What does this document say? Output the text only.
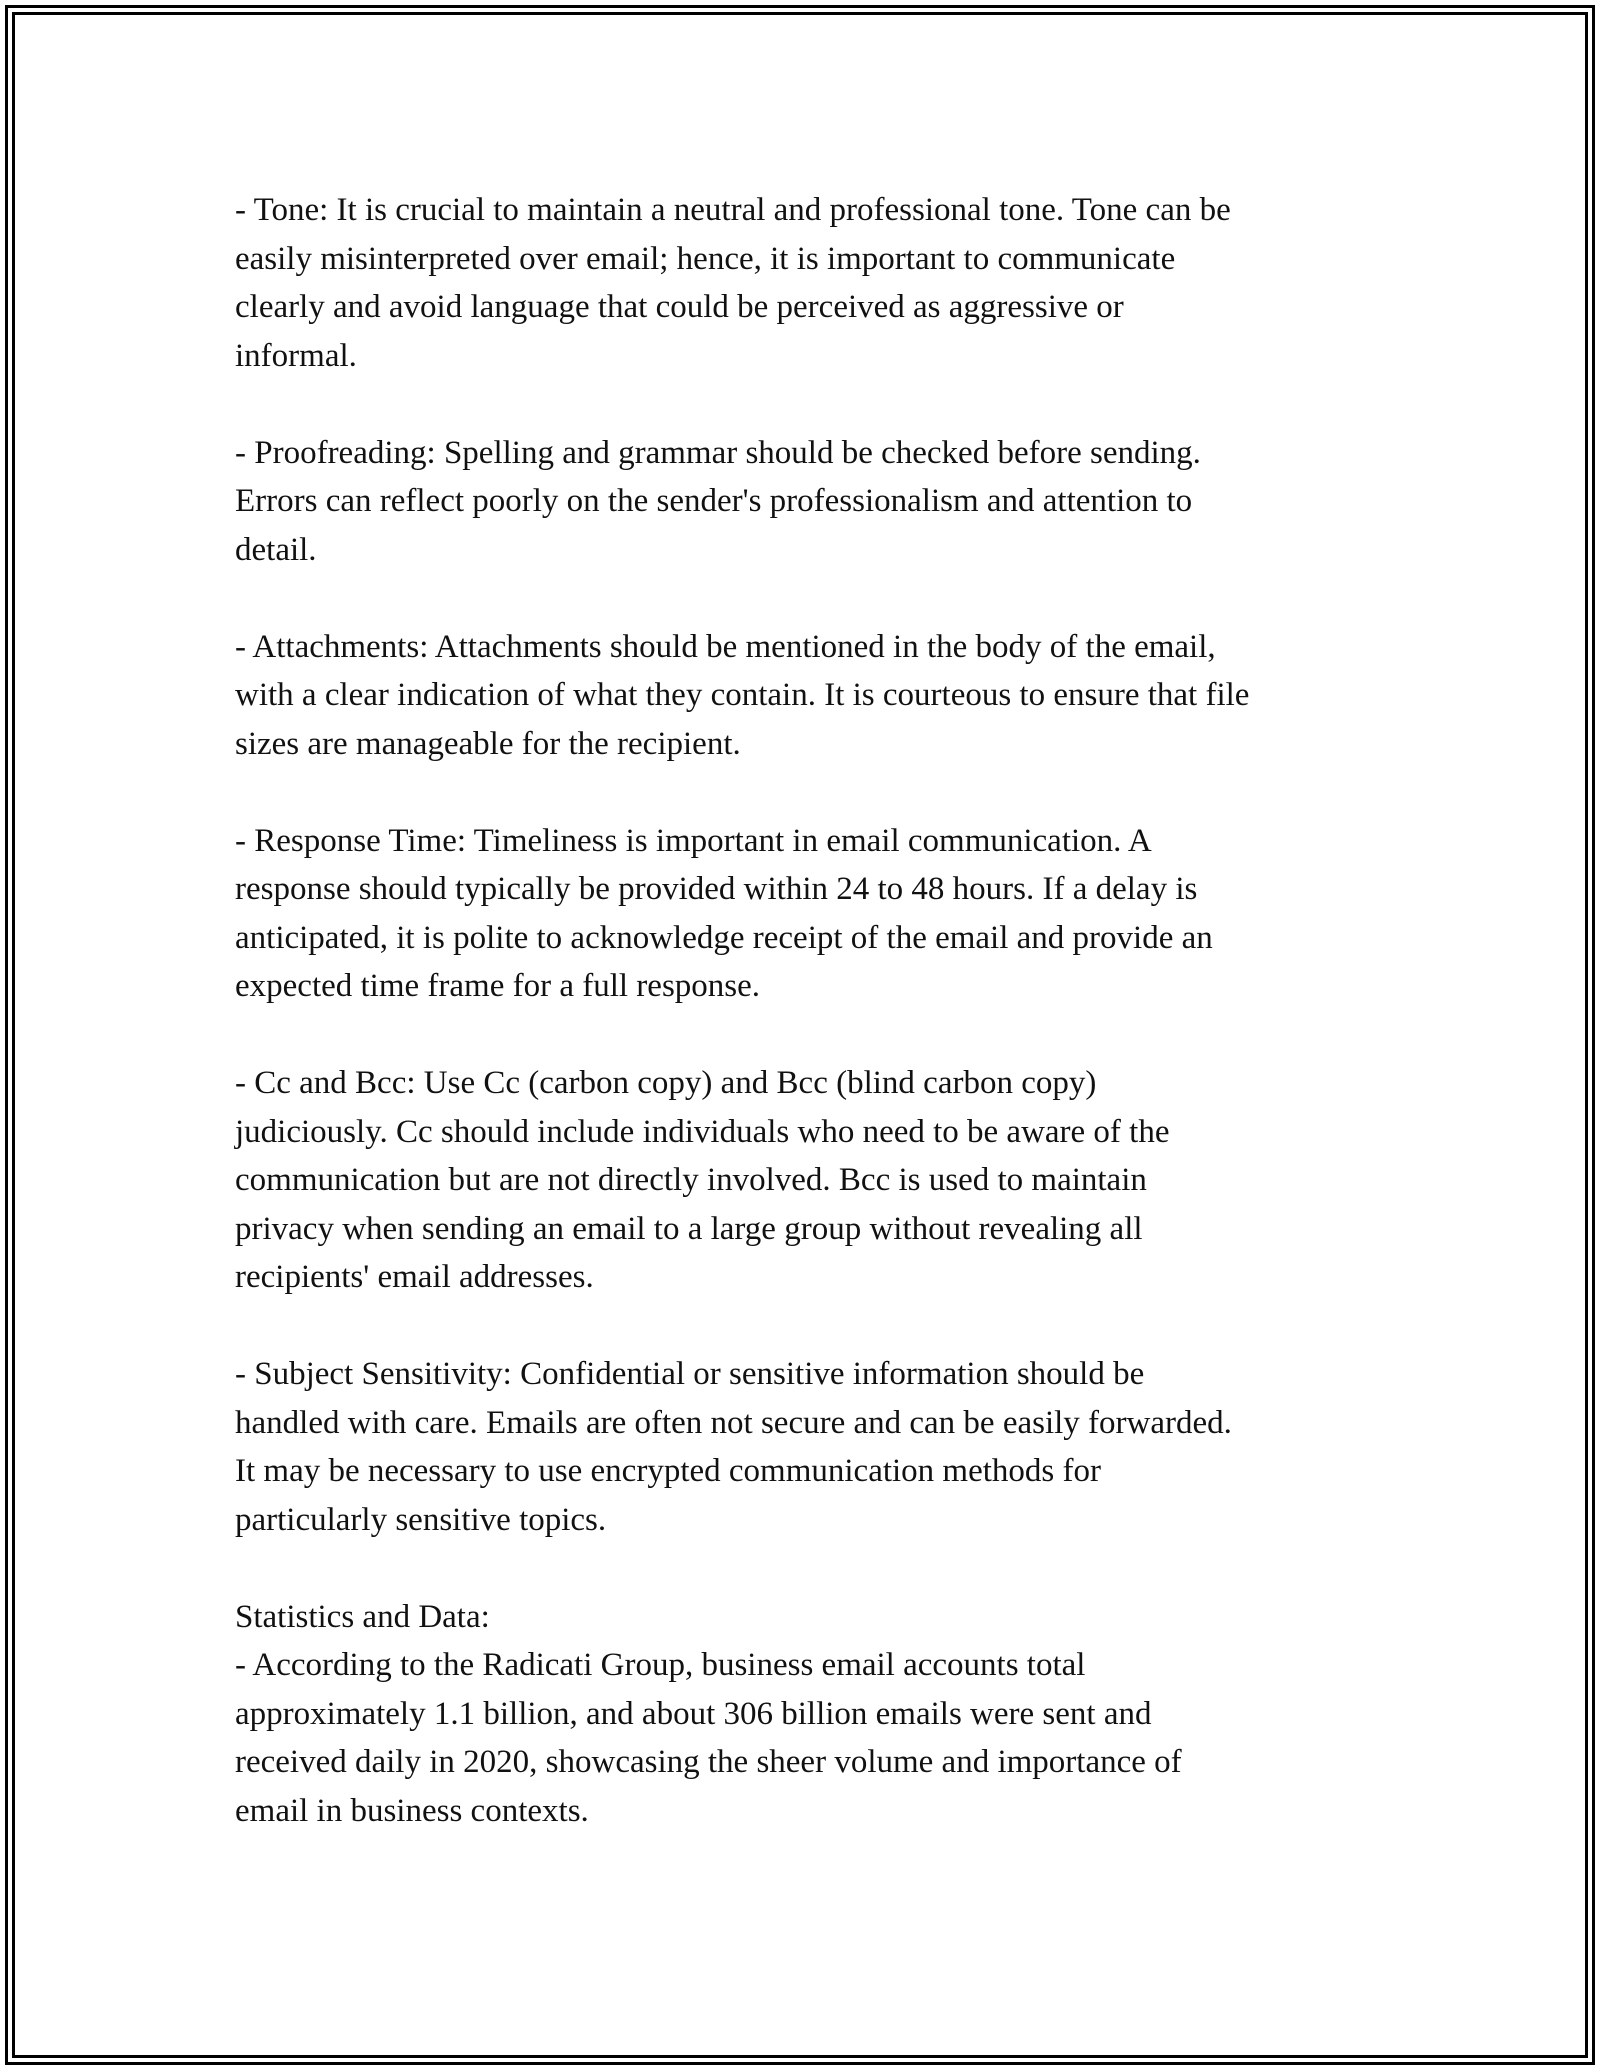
- Tone: It is crucial to maintain a neutral and professional tone. Tone can be
easily misinterpreted over email; hence, it is important to communicate
clearly and avoid language that could be perceived as aggressive or
informal.
- Proofreading: Spelling and grammar should be checked before sending.
Errors can reflect poorly on the sender's professionalism and attention to
detail.
- Attachments: Attachments should be mentioned in the body of the email,
with a clear indication of what they contain. It is courteous to ensure that file
sizes are manageable for the recipient.
- Response Time: Timeliness is important in email communication. A
response should typically be provided within 24 to 48 hours. If a delay is
anticipated, it is polite to acknowledge receipt of the email and provide an
expected time frame for a full response.
- Cc and Bcc: Use Cc (carbon copy) and Bcc (blind carbon copy)
judiciously. Cc should include individuals who need to be aware of the
communication but are not directly involved. Bcc is used to maintain
privacy when sending an email to a large group without revealing all
recipients' email addresses.
- Subject Sensitivity: Confidential or sensitive information should be
handled with care. Emails are often not secure and can be easily forwarded.
It may be necessary to use encrypted communication methods for
particularly sensitive topics.
Statistics and Data:
- According to the Radicati Group, business email accounts total
approximately 1.1 billion, and about 306 billion emails were sent and
received daily in 2020, showcasing the sheer volume and importance of
email in business contexts.
